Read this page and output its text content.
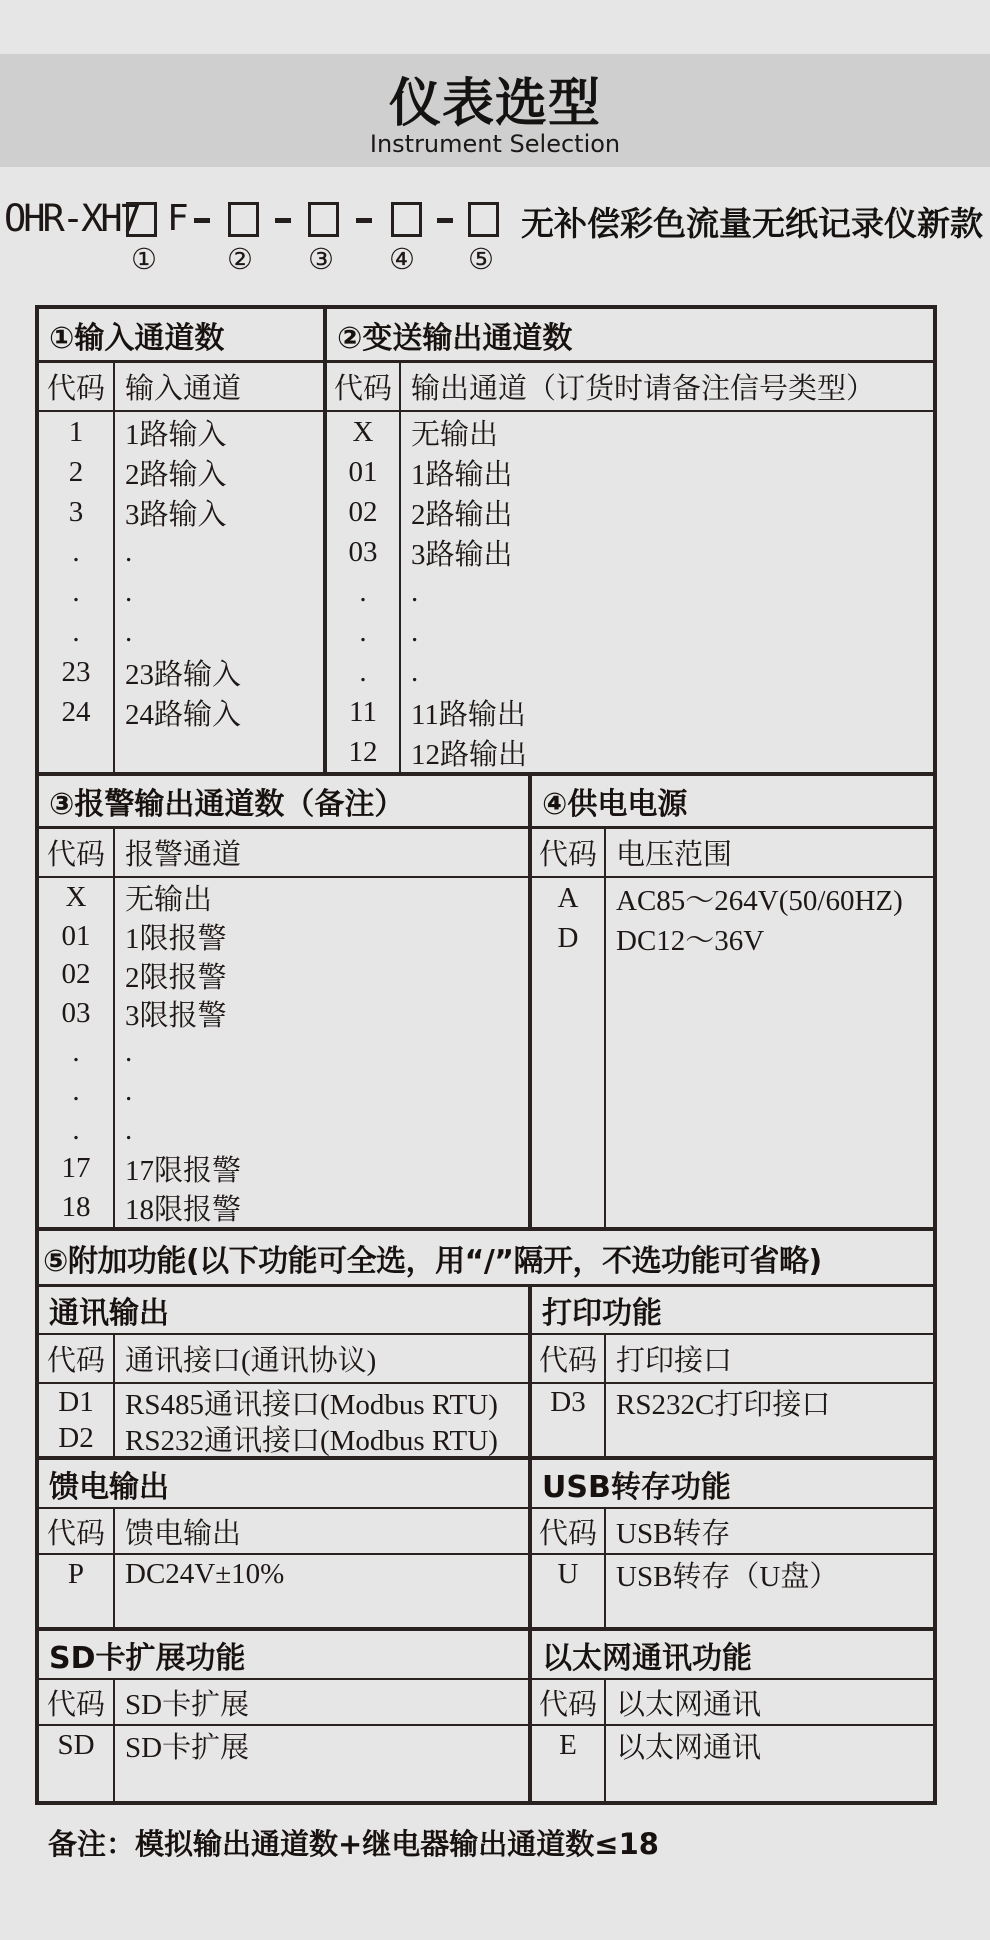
仪表选型
Instrument Selection
OHR-XH7 F	无补偿彩色流量无纸记录仪新款
① ② ③ ④ ⑤
①输入通道数	②变送输出通道数
代码 输入通道	代码 输出通道（订货时请备注信号类型）
1	1路输入
2	2路输入
3	3路输入
.	.
.	.
.	.
23	23路输入
24	24路输入
X	无输出
01	1路输出
02	2路输出
03	3路输出
.	.
.	.
.	.
11	11路输出
12	12路输出
③报警输出通道数（备注）	④供电电源
代码 报警通道	代码 电压范围
X	无输出
01	1限报警
02	2限报警
03	3限报警
.	.
.	.
.	.
17	17限报警
18	18限报警
A	AC85～264V(50/60HZ)
D	DC12～36V
⑤附加功能(以下功能可全选，用“/”隔开，不选功能可省略)
通讯输出	打印功能
代码 通讯接口(通讯协议)	代码 打印接口
D1	RS485通讯接口(Modbus RTU)
D2	RS232通讯接口(Modbus RTU)
D3	RS232C打印接口
馈电输出	USB转存功能
代码 馈电输出	代码 USB转存
P	DC24V±10%	U	USB转存（U盘）
SD卡扩展功能	以太网通讯功能
代码 SD卡扩展	代码 以太网通讯
SD	SD卡扩展	E	以太网通讯
备注：模拟输出通道数+继电器输出通道数≤18
